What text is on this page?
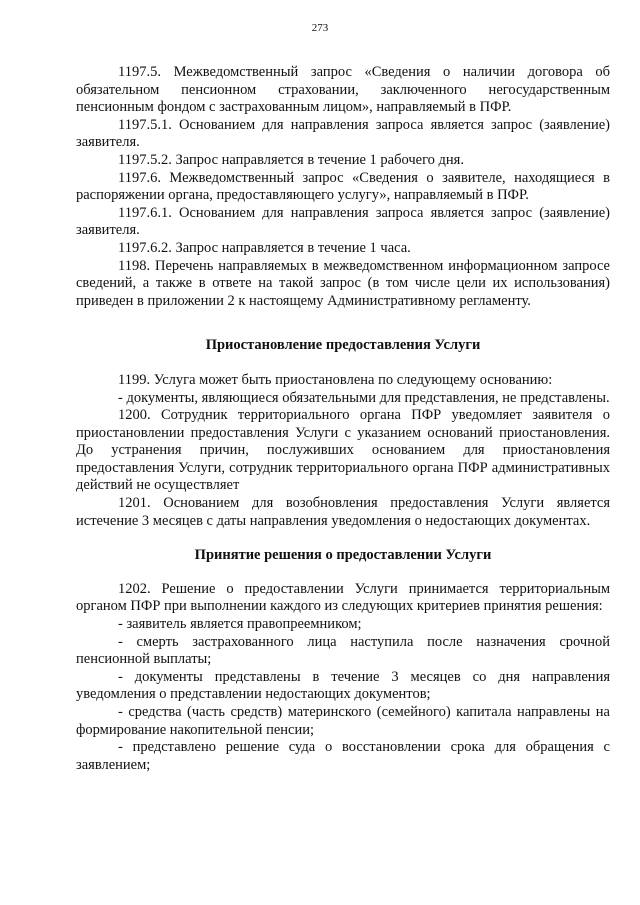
273

1197.5. Межведомственный запрос «Сведения о наличии договора об обязательном пенсионном страховании, заключенного негосударственным пенсионным фондом с застрахованным лицом», направляемый в ПФР.

1197.5.1. Основанием для направления запроса является запрос (заявление) заявителя.

1197.5.2. Запрос направляется в течение 1 рабочего дня.

1197.6. Межведомственный запрос «Сведения о заявителе, находящиеся в распоряжении органа, предоставляющего услугу», направляемый в ПФР.

1197.6.1. Основанием для направления запроса является запрос (заявление) заявителя.

1197.6.2. Запрос направляется в течение 1 часа.

1198. Перечень направляемых в межведомственном информационном запросе сведений, а также в ответе на такой запрос (в том числе цели их использования) приведен в приложении 2 к настоящему Административному регламенту.

Приостановление предоставления Услуги

1199. Услуга может быть приостановлена по следующему основанию:

- документы, являющиеся обязательными для представления, не представлены.

1200. Сотрудник территориального органа ПФР уведомляет заявителя о приостановлении предоставления Услуги с указанием оснований приостановления. До устранения причин, послуживших основанием для приостановления предоставления Услуги, сотрудник территориального органа ПФР административных действий не осуществляет

1201. Основанием для возобновления предоставления Услуги является истечение 3 месяцев с даты направления уведомления о недостающих документах.

Принятие решения о предоставлении Услуги

1202. Решение о предоставлении Услуги принимается территориальным органом ПФР при выполнении каждого из следующих критериев принятия решения:

- заявитель является правопреемником;

- смерть застрахованного лица наступила после назначения срочной пенсионной выплаты;

- документы представлены в течение 3 месяцев со дня направления уведомления о представлении недостающих документов;

- средства (часть средств) материнского (семейного) капитала направлены на формирование накопительной пенсии;

- представлено решение суда о восстановлении срока для обращения с заявлением;
